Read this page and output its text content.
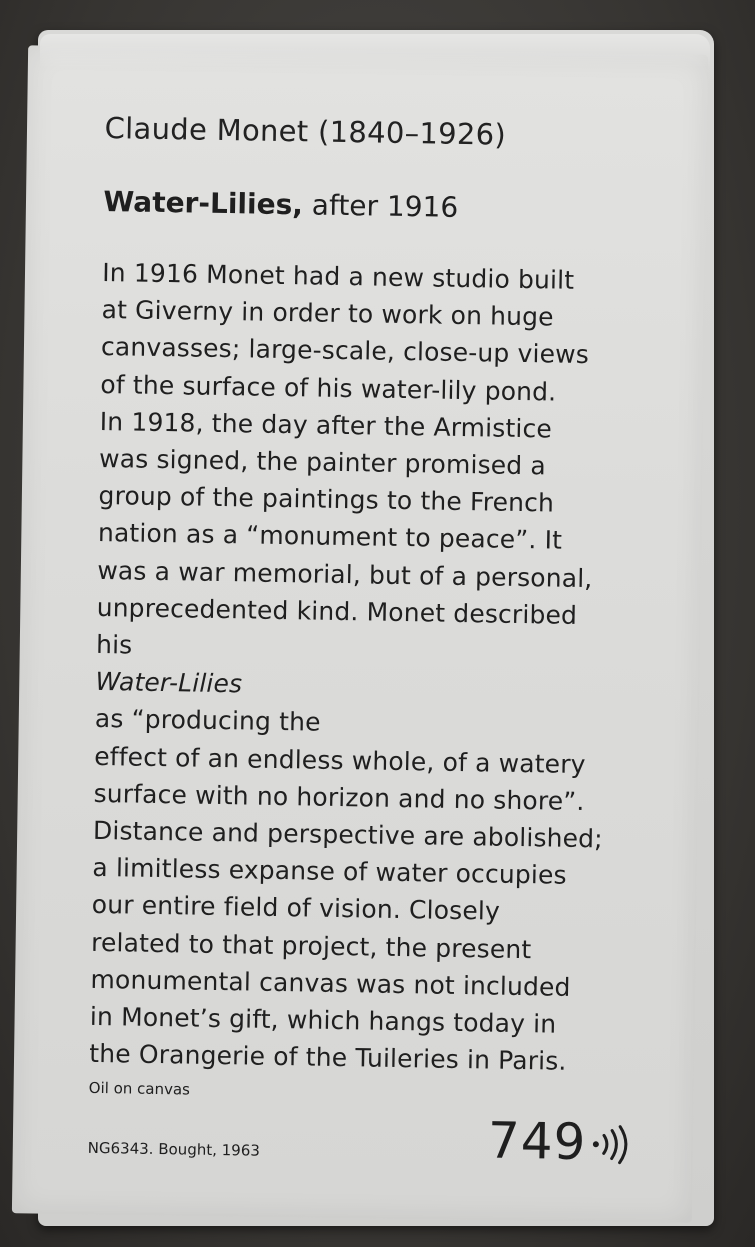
Claude Monet (1840–1926)
Water-Lilies, after 1916
In 1916 Monet had a new studio built
at Giverny in order to work on huge
canvasses; large-scale, close-up views
of the surface of his water-lily pond.
In 1918, the day after the Armistice
was signed, the painter promised a
group of the paintings to the French
nation as a “monument to peace”. It
was a war memorial, but of a personal,
unprecedented kind. Monet described
his
Water-Lilies
as “producing the
effect of an endless whole, of a watery
surface with no horizon and no shore”.
Distance and perspective are abolished;
a limitless expanse of water occupies
our entire field of vision. Closely
related to that project, the present
monumental canvas was not included
in Monet’s gift, which hangs today in
the Orangerie of the Tuileries in Paris.
Oil on canvas
NG6343. Bought, 1963	749
